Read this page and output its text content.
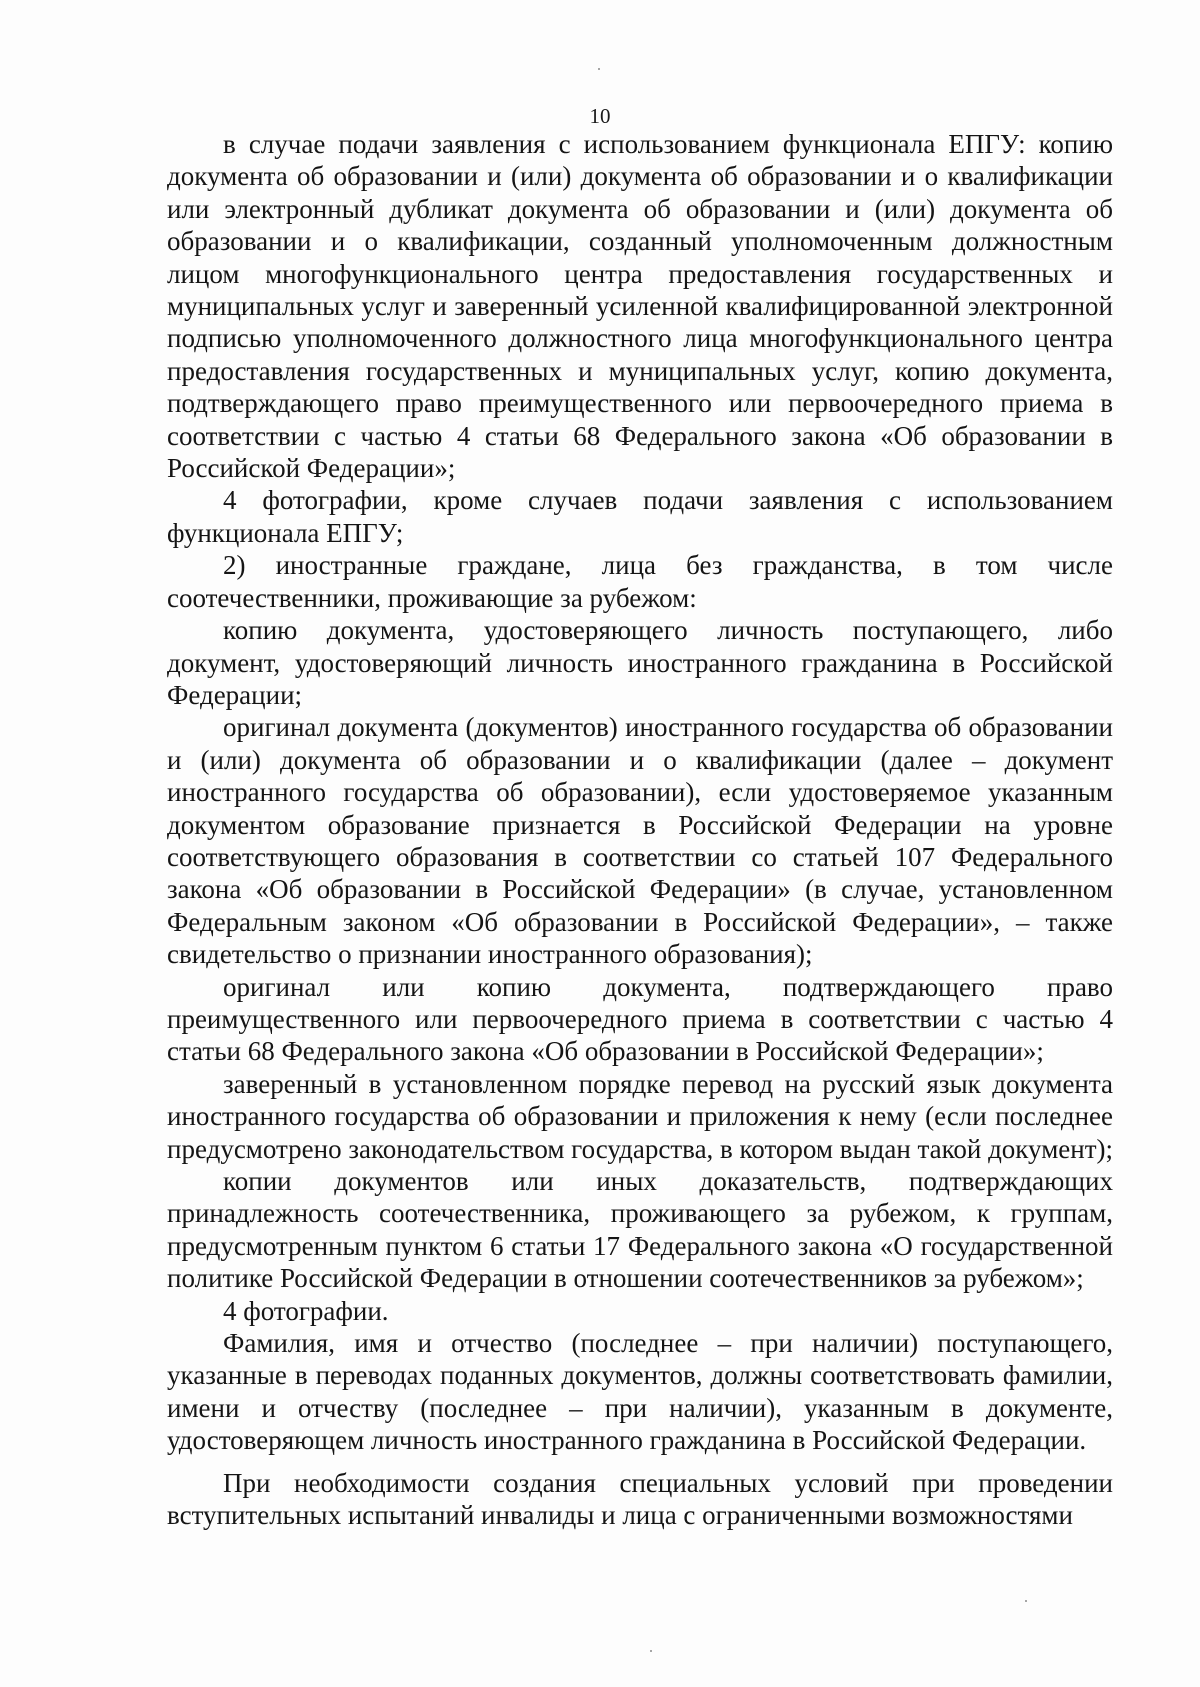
10

в случае подачи заявления с использованием функционала ЕПГУ: копию документа об образовании и (или) документа об образовании и о квалификации или электронный дубликат документа об образовании и (или) документа об образовании и о квалификации, созданный уполномоченным должностным лицом многофункционального центра предоставления государственных и муниципальных услуг и заверенный усиленной квалифицированной электронной подписью уполномоченного должностного лица многофункционального центра предоставления государственных и муниципальных услуг, копию документа, подтверждающего право преимущественного или первоочередного приема в соответствии с частью 4 статьи 68 Федерального закона «Об образовании в Российской Федерации»;

4 фотографии, кроме случаев подачи заявления с использованием функционала ЕПГУ;

2) иностранные граждане, лица без гражданства, в том числе соотечественники, проживающие за рубежом:

копию документа, удостоверяющего личность поступающего, либо документ, удостоверяющий личность иностранного гражданина в Российской Федерации;

оригинал документа (документов) иностранного государства об образовании и (или) документа об образовании и о квалификации (далее – документ иностранного государства об образовании), если удостоверяемое указанным документом образование признается в Российской Федерации на уровне соответствующего образования в соответствии со статьей 107 Федерального закона «Об образовании в Российской Федерации» (в случае, установленном Федеральным законом «Об образовании в Российской Федерации», – также свидетельство о признании иностранного образования);

оригинал или копию документа, подтверждающего право преимущественного или первоочередного приема в соответствии с частью 4 статьи 68 Федерального закона «Об образовании в Российской Федерации»;

заверенный в установленном порядке перевод на русский язык документа иностранного государства об образовании и приложения к нему (если последнее предусмотрено законодательством государства, в котором выдан такой документ);

копии документов или иных доказательств, подтверждающих принадлежность соотечественника, проживающего за рубежом, к группам, предусмотренным пунктом 6 статьи 17 Федерального закона «О государственной политике Российской Федерации в отношении соотечественников за рубежом»;

4 фотографии.

Фамилия, имя и отчество (последнее – при наличии) поступающего, указанные в переводах поданных документов, должны соответствовать фамилии, имени и отчеству (последнее – при наличии), указанным в документе, удостоверяющем личность иностранного гражданина в Российской Федерации.

При необходимости создания специальных условий при проведении вступительных испытаний инвалиды и лица с ограниченными возможностями
